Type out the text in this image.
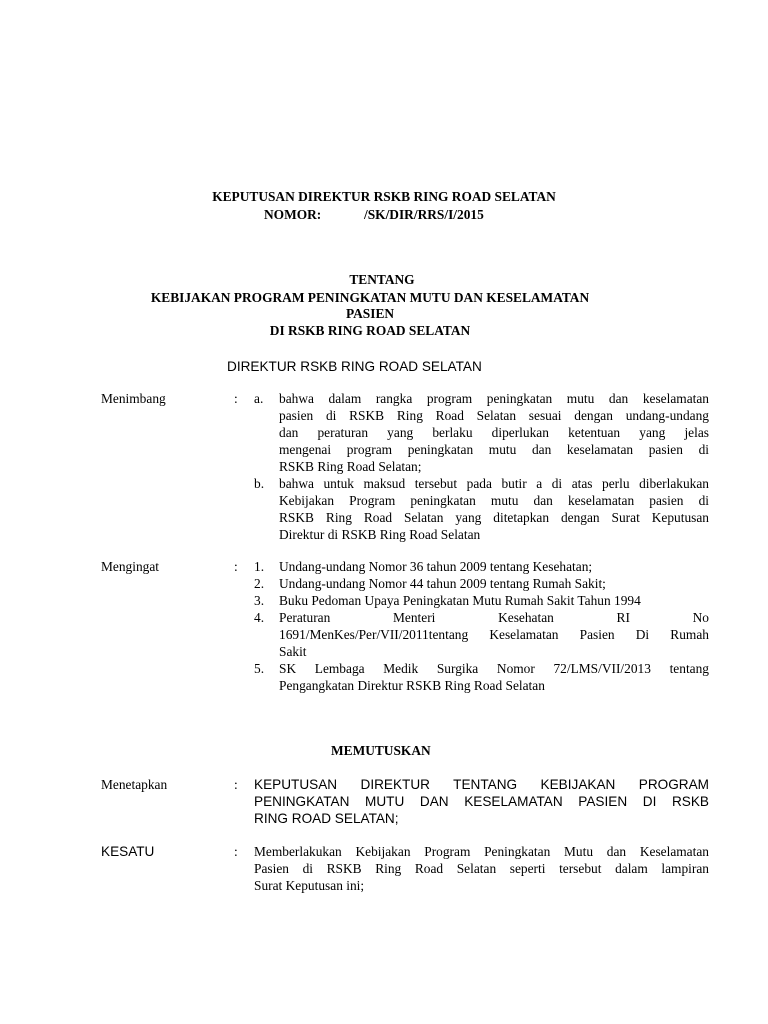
KEPUTUSAN DIREKTUR RSKB RING ROAD SELATAN
NOMOR:	/SK/DIR/RRS/I/2015
TENTANG
KEBIJAKAN PROGRAM PENINGKATAN MUTU DAN KESELAMATAN
PASIEN
DI RSKB RING ROAD SELATAN
DIREKTUR RSKB RING ROAD SELATAN
Menimbang	: a. bahwa dalam rangka program peningkatan mutu dan keselamatan
pasien di RSKB Ring Road Selatan sesuai dengan undang-undang
dan peraturan yang berlaku diperlukan ketentuan yang jelas
mengenai program peningkatan mutu dan keselamatan pasien di
RSKB Ring Road Selatan;
b. bahwa untuk maksud tersebut pada butir a di atas perlu diberlakukan
Kebijakan Program peningkatan mutu dan keselamatan pasien di
RSKB Ring Road Selatan yang ditetapkan dengan Surat Keputusan
Direktur di RSKB Ring Road Selatan
Mengingat	: 1. Undang-undang Nomor 36 tahun 2009 tentang Kesehatan;
2. Undang-undang Nomor 44 tahun 2009 tentang Rumah Sakit;
3. Buku Pedoman Upaya Peningkatan Mutu Rumah Sakit Tahun 1994
4. Peraturan Menteri Kesehatan RI No
1691/MenKes/Per/VII/2011tentang Keselamatan Pasien Di Rumah
Sakit
5. SK Lembaga Medik Surgika Nomor 72/LMS/VII/2013 tentang
Pengangkatan Direktur RSKB Ring Road Selatan
MEMUTUSKAN
Menetapkan	: KEPUTUSAN DIREKTUR TENTANG KEBIJAKAN PROGRAM
PENINGKATAN MUTU DAN KESELAMATAN PASIEN DI RSKB
RING ROAD SELATAN;
KESATU	: Memberlakukan Kebijakan Program Peningkatan Mutu dan Keselamatan
Pasien di RSKB Ring Road Selatan seperti tersebut dalam lampiran
Surat Keputusan ini;
